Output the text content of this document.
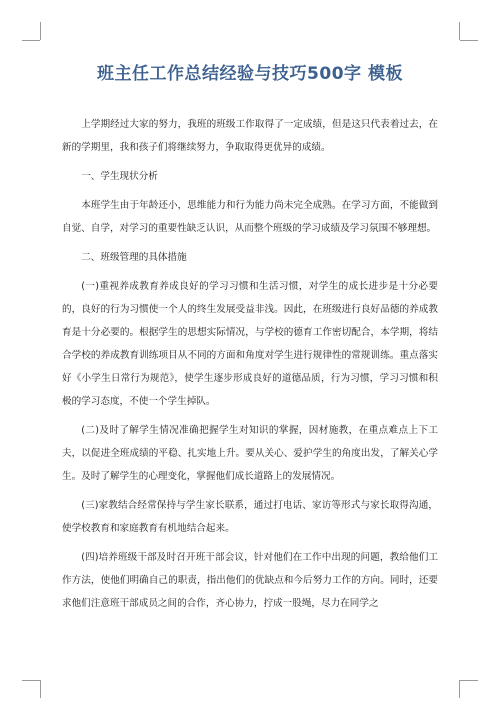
班主任工作总结经验与技巧500字 模板

上学期经过大家的努力，我班的班级工作取得了一定成绩，但是这只代表着过去，在新的学期里，我和孩子们将继续努力，争取取得更优异的成绩。

一、学生现状分析

本班学生由于年龄还小，思维能力和行为能力尚未完全成熟。在学习方面，不能做到自觉、自学，对学习的重要性缺乏认识，从而整个班级的学习成绩及学习氛围不够理想。

二、班级管理的具体措施

(一)重视养成教育养成良好的学习习惯和生活习惯，对学生的成长进步是十分必要的，良好的行为习惯使一个人的终生发展受益非浅。因此，在班级进行良好品德的养成教育是十分必要的。根据学生的思想实际情况，与学校的德育工作密切配合，本学期，将结合学校的养成教育训练项目从不同的方面和角度对学生进行规律性的常规训练。重点落实好《小学生日常行为规范》，使学生逐步形成良好的道德品质，行为习惯，学习习惯和积极的学习态度，不使一个学生掉队。

(二)及时了解学生情况准确把握学生对知识的掌握，因材施教，在重点难点上下工夫，以促进全班成绩的平稳、扎实地上升。要从关心、爱护学生的角度出发，了解关心学生。及时了解学生的心理变化，掌握他们成长道路上的发展情况。

(三)家教结合经常保持与学生家长联系，通过打电话、家访等形式与家长取得沟通，使学校教育和家庭教育有机地结合起来。

(四)培养班级干部及时召开班干部会议，针对他们在工作中出现的问题，教给他们工作方法，使他们明确自己的职责，指出他们的优缺点和今后努力工作的方向。同时，还要求他们注意班干部成员之间的合作，齐心协力，拧成一股绳，尽力在同学之
